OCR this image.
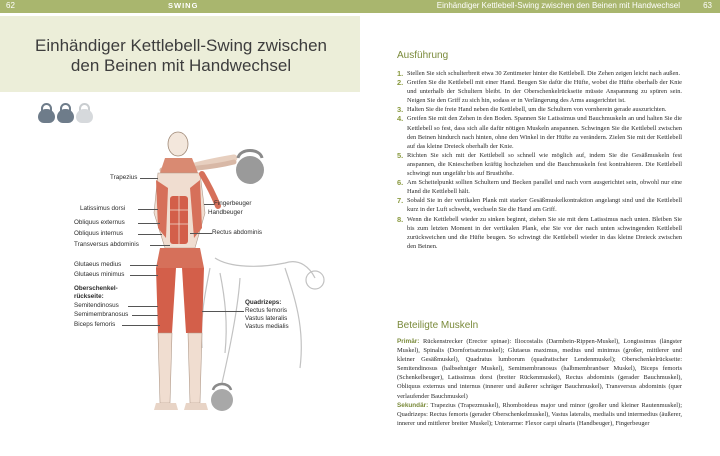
62	SWING	Einhändiger Kettlebell-Swing zwischen den Beinen mit Handwechsel	63
Einhändiger Kettlebell-Swing zwischen
den Beinen mit Handwechsel
Trapezius
Latissimus dorsi
Obliquus externus
Obliquus internus
Transversus abdominis
Glutaeus medius
Glutaeus minimus
Oberschenkel-
rückseite:
Semitendinosus
Semimembranosus
Biceps femoris
Fingerbeuger
Handbeuger
Rectus abdominis
Quadrizeps:
Rectus femoris
Vastus lateralis
Vastus medialis
Ausführung
1. Stellen Sie sich schulterbreit etwa 30 Zentimeter hinter die Kettlebell. Die Zehen zeigen leicht nach außen.
2. Greifen Sie die Kettlebell mit einer Hand. Beugen Sie dafür die Hüfte, wobei die Hüfte oberhalb der Knie und unterhalb der Schultern bleibt. In der Oberschenkelrückseite müsste Anspannung zu spüren sein. Neigen Sie den Griff zu sich hin, sodass er in Verlängerung des Arms ausgerichtet ist.
3. Halten Sie die freie Hand neben die Kettlebell, um die Schultern von vornherein gerade auszurichten.
4. Greifen Sie mit den Zehen in den Boden. Spannen Sie Latissimus und Bauchmuskeln an und halten Sie die Kettlebell so fest, dass sich alle dafür nötigen Muskeln anspannen. Schwingen Sie die Kettlebell zwischen den Beinen hindurch nach hinten, ohne den Winkel in der Hüfte zu verändern. Zielen Sie mit der Kettlebell auf das kleine Dreieck oberhalb der Knie.
5. Richten Sie sich mit der Kettlebell so schnell wie möglich auf, indem Sie die Gesäßmuskeln fest anspannen, die Kniescheiben kräftig hochziehen und die Bauchmuskeln fest kontrahieren. Die Kettlebell schwingt nun ungefähr bis auf Brusthöhe.
6. Am Scheitelpunkt sollten Schultern und Becken parallel und nach vorn ausgerichtet sein, obwohl nur eine Hand die Kettlebell hält.
7. Sobald Sie in der vertikalen Plank mit starker Gesäßmuskelkontraktion angelangt sind und die Kettlebell kurz in der Luft schwebt, wechseln Sie die Hand am Griff.
8. Wenn die Kettlebell wieder zu sinken beginnt, ziehen Sie sie mit dem Latissimus nach unten. Bleiben Sie bis zum letzten Moment in der vertikalen Plank, ehe Sie vor der nach unten schwingenden Kettlebell zurückweichen und die Hüfte beugen. So schwingt die Kettlebell wieder in das kleine Dreieck zwischen den Beinen.
Beteiligte Muskeln
Primär: Rückenstrecker (Erector spinae): Iliocostalis (Darmbein-Rippen-Muskel), Longissimus (längster Muskel), Spinalis (Dornfortsatzmuskel); Glutaeus maximus, medius und minimus (großer, mittlerer und kleiner Gesäßmuskel), Quadratus lumborum (quadratischer Lendenmuskel); Oberschenkelrückseite: Semitendinosus (halbsehniger Muskel), Semimembranosus (halbmembranöser Muskel), Biceps femoris (Schenkelbeuger), Latissimus dorsi (breiter Rückenmuskel), Rectus abdominis (gerader Bauchmuskel), Obliquus externus und internus (innerer und äußerer schräger Bauchmuskel), Transversus abdominis (quer verlaufender Bauchmuskel)
Sekundär: Trapezius (Trapezmuskel), Rhomboideus major und minor (großer und kleiner Rautenmuskel); Quadrizeps: Rectus femoris (gerader Oberschenkelmuskel), Vastus lateralis, medialis und intermedius (äußerer, innerer und mittlerer breiter Muskel); Unterarme: Flexor carpi ulnaris (Handbeuger), Fingerbeuger
